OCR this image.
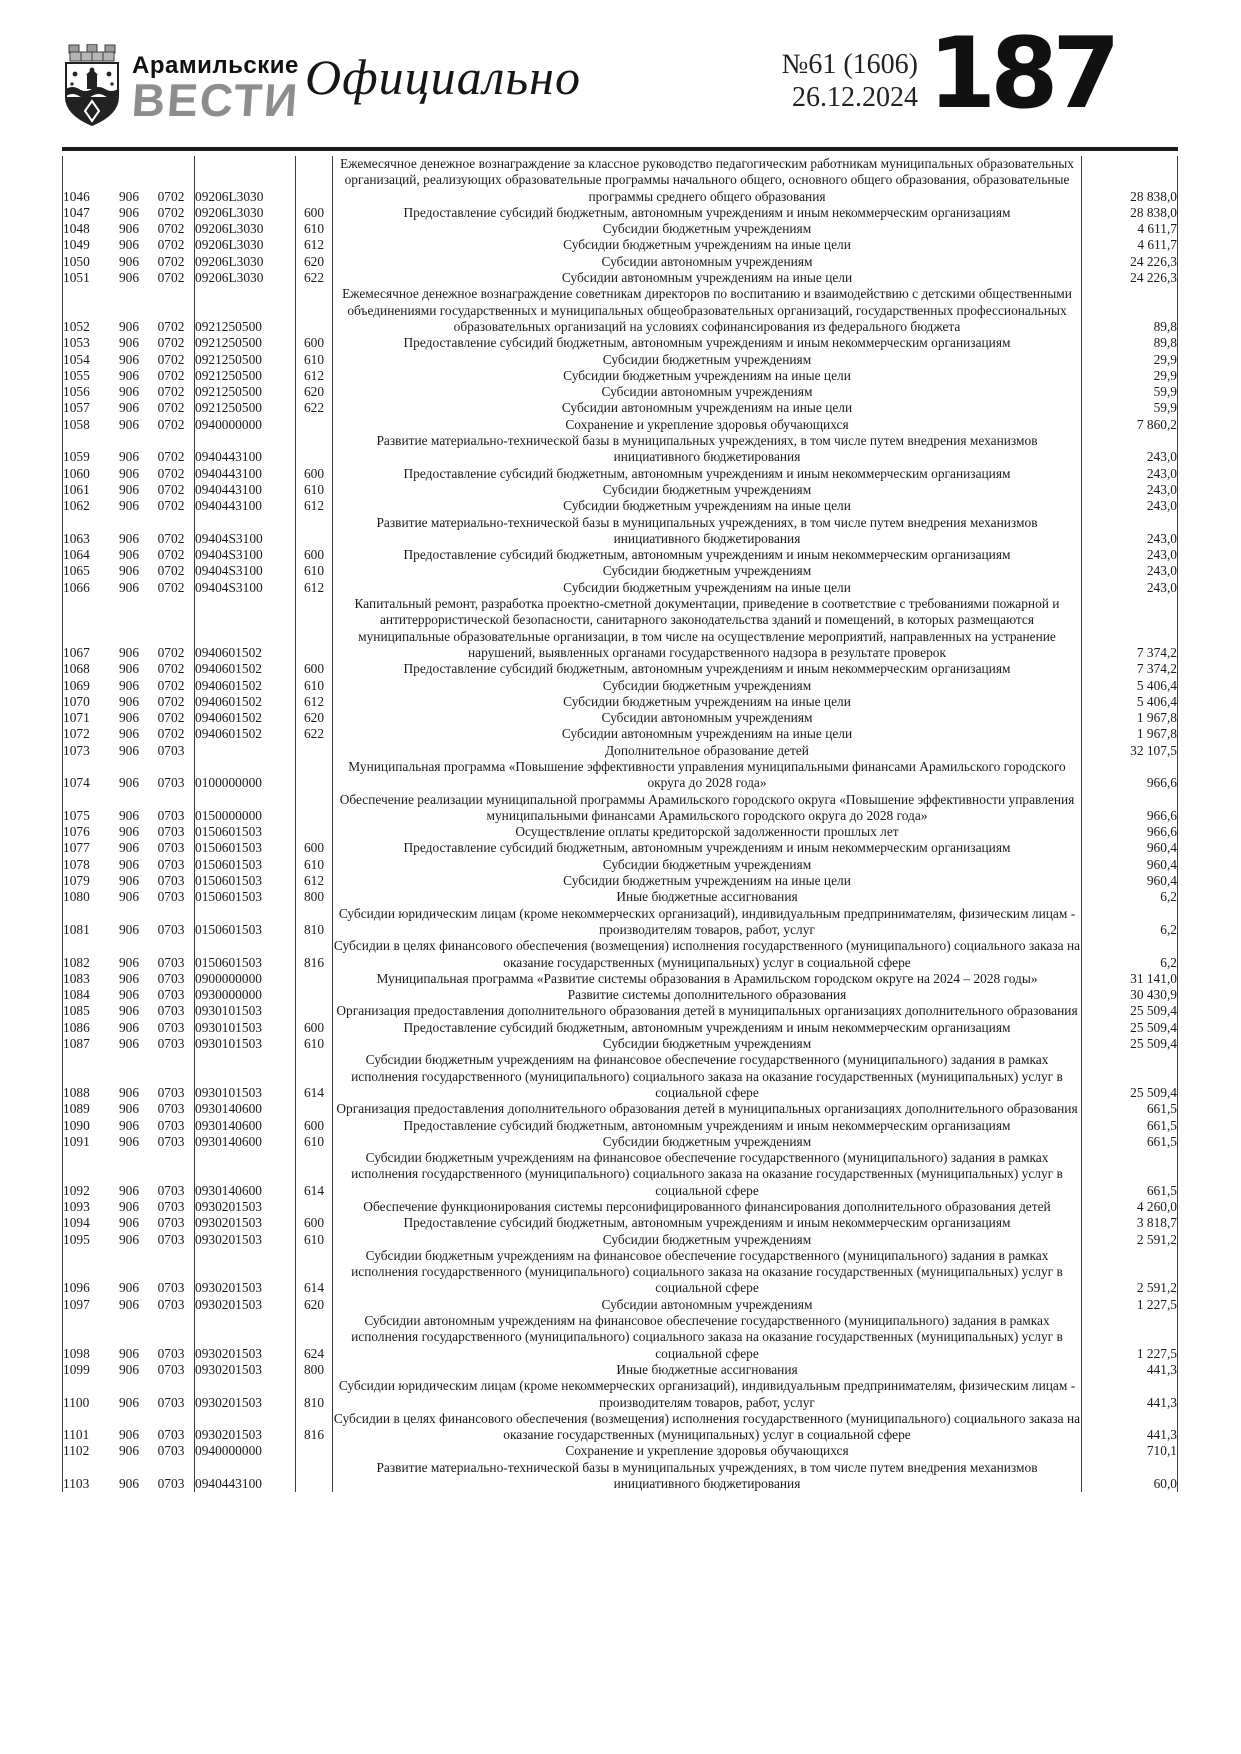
Арамильские
ВЕСТИ Официально	№61 (1606)
26.12.2024 187
1046	906	0702	09206L3030		Ежемесячное денежное вознаграждение за классное руководство педагогическим работникам муниципальных образовательных организаций, реализующих образовательные программы начального общего, основного общего образования, образовательные программы среднего общего образования	28 838,0
1047	906	0702	09206L3030	600	Предоставление субсидий бюджетным, автономным учреждениям и иным некоммерческим организациям	28 838,0
1048	906	0702	09206L3030	610	Субсидии бюджетным учреждениям	4 611,7
1049	906	0702	09206L3030	612	Субсидии бюджетным учреждениям на иные цели	4 611,7
1050	906	0702	09206L3030	620	Субсидии автономным учреждениям	24 226,3
1051	906	0702	09206L3030	622	Субсидии автономным учреждениям на иные цели	24 226,3
1052	906	0702	0921250500		Ежемесячное денежное вознаграждение советникам директоров по воспитанию и взаимодействию с детскими общественными объединениями государственных и муниципальных общеобразовательных организаций, государственных профессиональных образовательных организаций на условиях софинансирования из федерального бюджета	89,8
1053	906	0702	0921250500	600	Предоставление субсидий бюджетным, автономным учреждениям и иным некоммерческим организациям	89,8
1054	906	0702	0921250500	610	Субсидии бюджетным учреждениям	29,9
1055	906	0702	0921250500	612	Субсидии бюджетным учреждениям на иные цели	29,9
1056	906	0702	0921250500	620	Субсидии автономным учреждениям	59,9
1057	906	0702	0921250500	622	Субсидии автономным учреждениям на иные цели	59,9
1058	906	0702	0940000000		Сохранение и укрепление здоровья обучающихся	7 860,2
1059	906	0702	0940443100		Развитие материально-технической базы в муниципальных учреждениях, в том числе путем внедрения механизмов инициативного бюджетирования	243,0
1060	906	0702	0940443100	600	Предоставление субсидий бюджетным, автономным учреждениям и иным некоммерческим организациям	243,0
1061	906	0702	0940443100	610	Субсидии бюджетным учреждениям	243,0
1062	906	0702	0940443100	612	Субсидии бюджетным учреждениям на иные цели	243,0
1063	906	0702	09404S3100		Развитие материально-технической базы в муниципальных учреждениях, в том числе путем внедрения механизмов инициативного бюджетирования	243,0
1064	906	0702	09404S3100	600	Предоставление субсидий бюджетным, автономным учреждениям и иным некоммерческим организациям	243,0
1065	906	0702	09404S3100	610	Субсидии бюджетным учреждениям	243,0
1066	906	0702	09404S3100	612	Субсидии бюджетным учреждениям на иные цели	243,0
1067	906	0702	0940601502		Капитальный ремонт, разработка проектно-сметной документации, приведение в соответствие с требованиями пожарной и антитеррористической безопасности, санитарного законодательства зданий и помещений, в которых размещаются муниципальные образовательные организации, в том числе на осуществление мероприятий, направленных на устранение нарушений, выявленных органами государственного надзора в результате проверок	7 374,2
1068	906	0702	0940601502	600	Предоставление субсидий бюджетным, автономным учреждениям и иным некоммерческим организациям	7 374,2
1069	906	0702	0940601502	610	Субсидии бюджетным учреждениям	5 406,4
1070	906	0702	0940601502	612	Субсидии бюджетным учреждениям на иные цели	5 406,4
1071	906	0702	0940601502	620	Субсидии автономным учреждениям	1 967,8
1072	906	0702	0940601502	622	Субсидии автономным учреждениям на иные цели	1 967,8
1073	906	0703			Дополнительное образование детей	32 107,5
1074	906	0703	0100000000		Муниципальная программа «Повышение эффективности управления муниципальными финансами Арамильского городского округа до 2028 года»	966,6
1075	906	0703	0150000000		Обеспечение реализации муниципальной программы Арамильского городского округа «Повышение эффективности управления муниципальными финансами Арамильского городского округа до 2028 года»	966,6
1076	906	0703	0150601503		Осуществление оплаты кредиторской задолженности прошлых лет	966,6
1077	906	0703	0150601503	600	Предоставление субсидий бюджетным, автономным учреждениям и иным некоммерческим организациям	960,4
1078	906	0703	0150601503	610	Субсидии бюджетным учреждениям	960,4
1079	906	0703	0150601503	612	Субсидии бюджетным учреждениям на иные цели	960,4
1080	906	0703	0150601503	800	Иные бюджетные ассигнования	6,2
1081	906	0703	0150601503	810	Субсидии юридическим лицам (кроме некоммерческих организаций), индивидуальным предпринимателям, физическим лицам - производителям товаров, работ, услуг	6,2
1082	906	0703	0150601503	816	Субсидии в целях финансового обеспечения (возмещения) исполнения государственного (муниципального) социального заказа на оказание государственных (муниципальных) услуг в социальной сфере	6,2
1083	906	0703	0900000000		Муниципальная программа «Развитие системы образования в Арамильском городском округе на 2024 – 2028 годы»	31 141,0
1084	906	0703	0930000000		Развитие системы дополнительного образования	30 430,9
1085	906	0703	0930101503		Организация предоставления дополнительного образования детей в муниципальных организациях дополнительного образования	25 509,4
1086	906	0703	0930101503	600	Предоставление субсидий бюджетным, автономным учреждениям и иным некоммерческим организациям	25 509,4
1087	906	0703	0930101503	610	Субсидии бюджетным учреждениям	25 509,4
1088	906	0703	0930101503	614	Субсидии бюджетным учреждениям на финансовое обеспечение государственного (муниципального) задания в рамках исполнения государственного (муниципального) социального заказа на оказание государственных (муниципальных) услуг в социальной сфере	25 509,4
1089	906	0703	0930140600		Организация предоставления дополнительного образования детей в муниципальных организациях дополнительного образования	661,5
1090	906	0703	0930140600	600	Предоставление субсидий бюджетным, автономным учреждениям и иным некоммерческим организациям	661,5
1091	906	0703	0930140600	610	Субсидии бюджетным учреждениям	661,5
1092	906	0703	0930140600	614	Субсидии бюджетным учреждениям на финансовое обеспечение государственного (муниципального) задания в рамках исполнения государственного (муниципального) социального заказа на оказание государственных (муниципальных) услуг в социальной сфере	661,5
1093	906	0703	0930201503		Обеспечение функционирования системы персонифицированного финансирования дополнительного образования детей	4 260,0
1094	906	0703	0930201503	600	Предоставление субсидий бюджетным, автономным учреждениям и иным некоммерческим организациям	3 818,7
1095	906	0703	0930201503	610	Субсидии бюджетным учреждениям	2 591,2
1096	906	0703	0930201503	614	Субсидии бюджетным учреждениям на финансовое обеспечение государственного (муниципального) задания в рамках исполнения государственного (муниципального) социального заказа на оказание государственных (муниципальных) услуг в социальной сфере	2 591,2
1097	906	0703	0930201503	620	Субсидии автономным учреждениям	1 227,5
1098	906	0703	0930201503	624	Субсидии автономным учреждениям на финансовое обеспечение государственного (муниципального) задания в рамках исполнения государственного (муниципального) социального заказа на оказание государственных (муниципальных) услуг в социальной сфере	1 227,5
1099	906	0703	0930201503	800	Иные бюджетные ассигнования	441,3
1100	906	0703	0930201503	810	Субсидии юридическим лицам (кроме некоммерческих организаций), индивидуальным предпринимателям, физическим лицам - производителям товаров, работ, услуг	441,3
1101	906	0703	0930201503	816	Субсидии в целях финансового обеспечения (возмещения) исполнения государственного (муниципального) социального заказа на оказание государственных (муниципальных) услуг в социальной сфере	441,3
1102	906	0703	0940000000		Сохранение и укрепление здоровья обучающихся	710,1
1103	906	0703	0940443100		Развитие материально-технической базы в муниципальных учреждениях, в том числе путем внедрения механизмов инициативного бюджетирования	60,0
